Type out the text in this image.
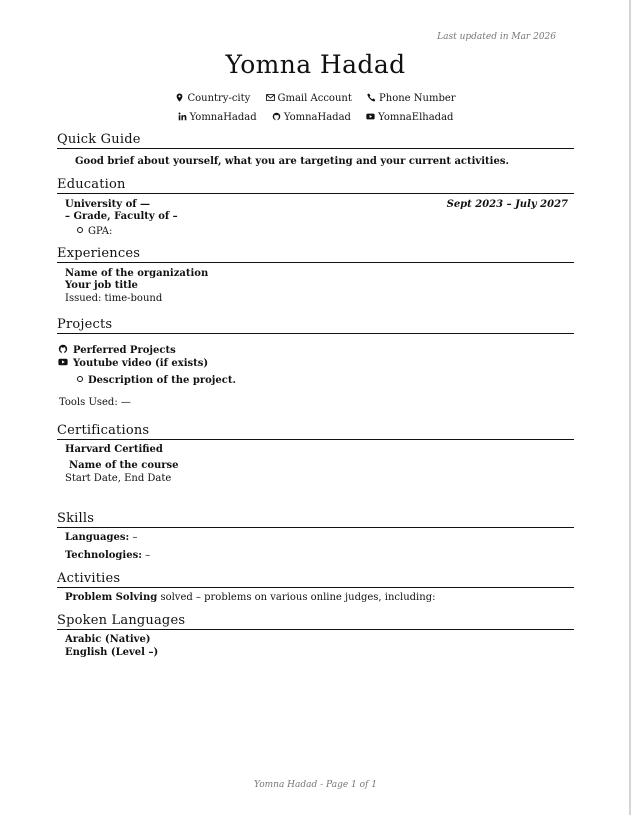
Last updated in Mar 2026
Yomna Hadad
Country-city	Gmail Account	Phone Number
YomnaHadad	YomnaHadad	YomnaElhadad
Quick Guide
Good brief about yourself, what you are targeting and your current activities.
Education
University of —	Sept 2023 – July 2027
– Grade, Faculty of –
GPA:
Experiences
Name of the organization
Your job title
Issued: time-bound
Projects
Perferred Projects
Youtube video (if exists)
Description of the project.
Tools Used: —
Certifications
Harvard Certified
Name of the course
Start Date, End Date
Skills
Languages: –
Technologies: –
Activities
Problem Solving solved – problems on various online judges, including:
Spoken Languages
Arabic (Native)
English (Level –)
Yomna Hadad - Page 1 of 1
